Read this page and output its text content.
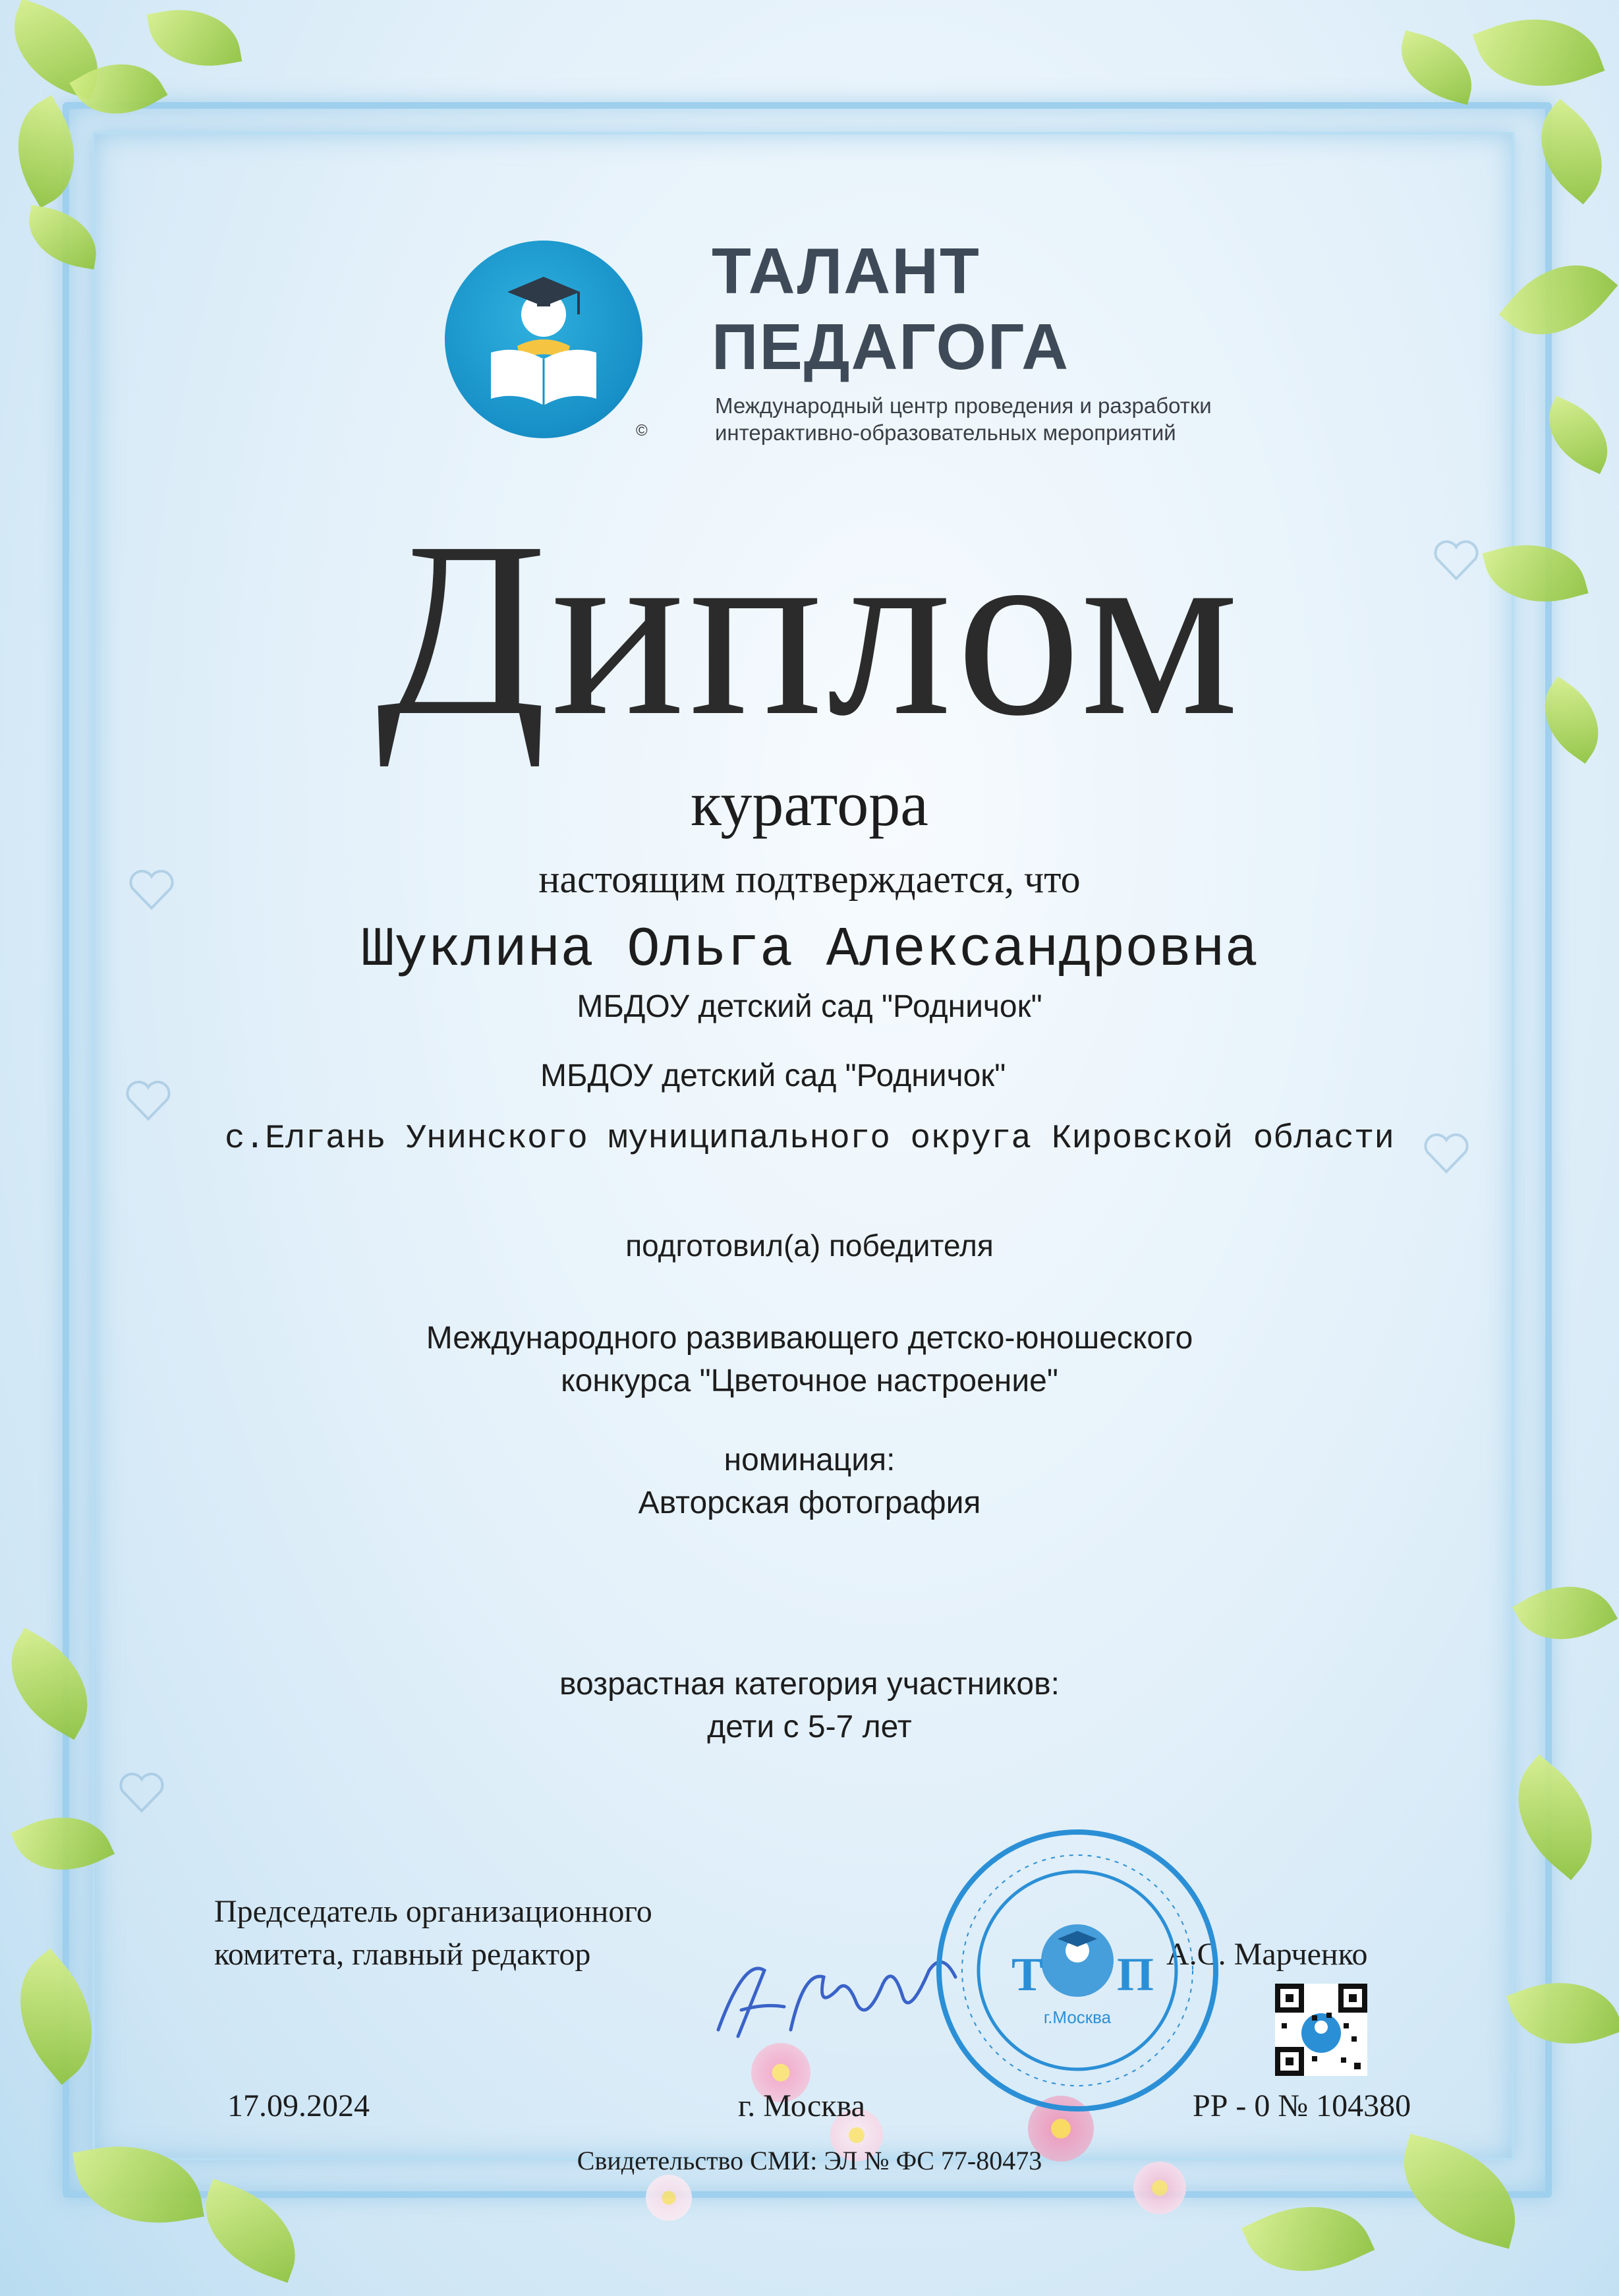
©
ТАЛАНТ
ПЕДАГОГА
Международный центр проведения и разработки
интерактивно-образовательных мероприятий
Диплом
куратора
настоящим подтверждается, что
Шуклина Ольга Александровна
МБДОУ детский сад "Родничок"
МБДОУ детский сад "Родничок"
с.Елгань Унинского муниципального округа Кировской области
подготовил(а) победителя
Международного развивающего детско-юношеского
конкурса "Цветочное настроение"
номинация:
Авторская фотография
возрастная категория участников:
дети с 5-7 лет
Председатель организационного
комитета, главный редактор	А.С. Марченко
Т П
г.Москва
17.09.2024	г. Москва	РР - 0 № 104380
Свидетельство СМИ: ЭЛ № ФС 77-80473
